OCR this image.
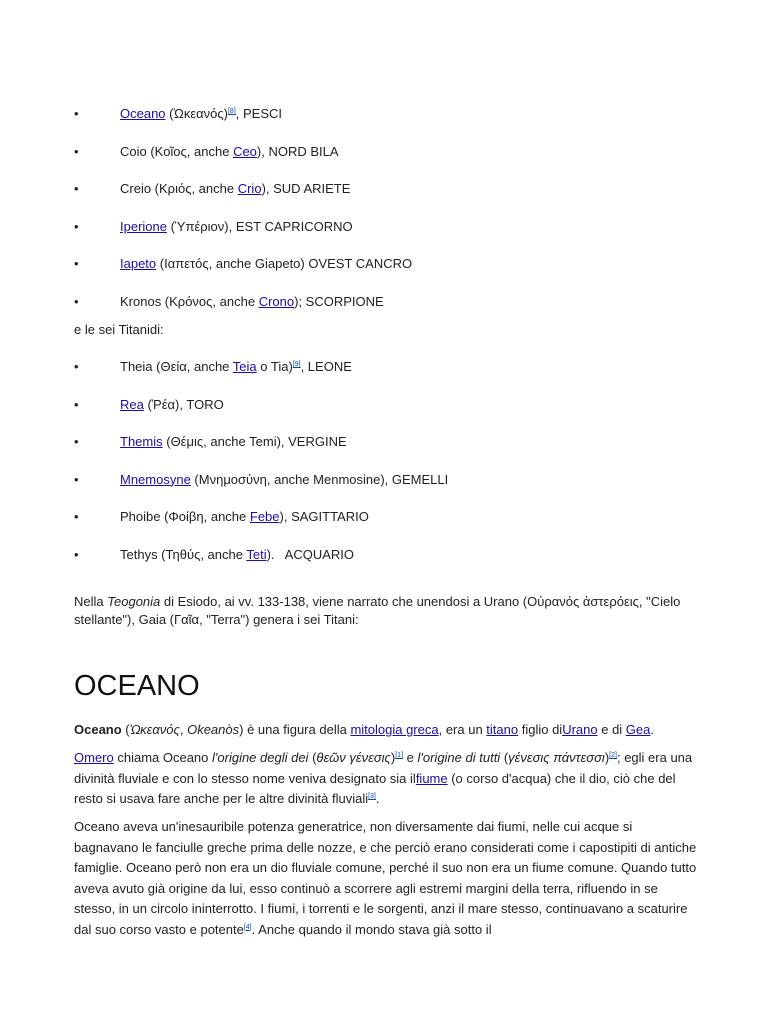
•	Oceano (Ὠκεανός)[8], PESCI
•	Coio (Κοῖος, anche Ceo), NORD BILA
•	Creio (Κριός, anche Crio), SUD ARIETE
•	Iperione (Ὑπέριον), EST CAPRICORNO
•	Iapeto (Ιαπετός, anche Giapeto) OVEST CANCRO
•	Kronos (Κρόνος, anche Crono); SCORPIONE

e le sei Titanidi:

•	Theia (Θεία, anche Teia o Tia)[9], LEONE
•	Rea (Ῥέα), TORO
•	Themis (Θέμις, anche Temi), VERGINE
•	Mnemosyne (Μνημοσύνη, anche Menmosine), GEMELLI
•	Phoibe (Φοίβη, anche Febe), SAGITTARIO
•	Tethys (Τηθύς, anche Teti).   ACQUARIO

Nella Teogonia di Esiodo, ai vv. 133-138, viene narrato che unendosi a Urano (Οὐρανός ἀστερόεις, "Cielo stellante"), Gaia (Γαῖα, "Terra") genera i sei Titani:

OCEANO

Oceano (Ὠκεανός, Okeanòs) è una figura della mitologia greca, era un titano figlio diUrano e di Gea.

Omero chiama Oceano l'origine degli dei (θεῶν γένεσις)[1] e l'origine di tutti (γένεσις πάντεσσι)[2]; egli era una divinità fluviale e con lo stesso nome veniva designato sia ilfiume (o corso d'acqua) che il dio, ciò che del resto si usava fare anche per le altre divinità fluviali[3].

Oceano aveva un'inesauribile potenza generatrice, non diversamente dai fiumi, nelle cui acque si bagnavano le fanciulle greche prima delle nozze, e che perciò erano considerati come i capostipiti di antiche famiglie. Oceano però non era un dio fluviale comune, perché il suo non era un fiume comune. Quando tutto aveva avuto già origine da lui, esso continuò a scorrere agli estremi margini della terra, rifluendo in se stesso, in un circolo ininterrotto. I fiumi, i torrenti e le sorgenti, anzi il mare stesso, continuavano a scaturire dal suo corso vasto e potente[4]. Anche quando il mondo stava già sotto il
